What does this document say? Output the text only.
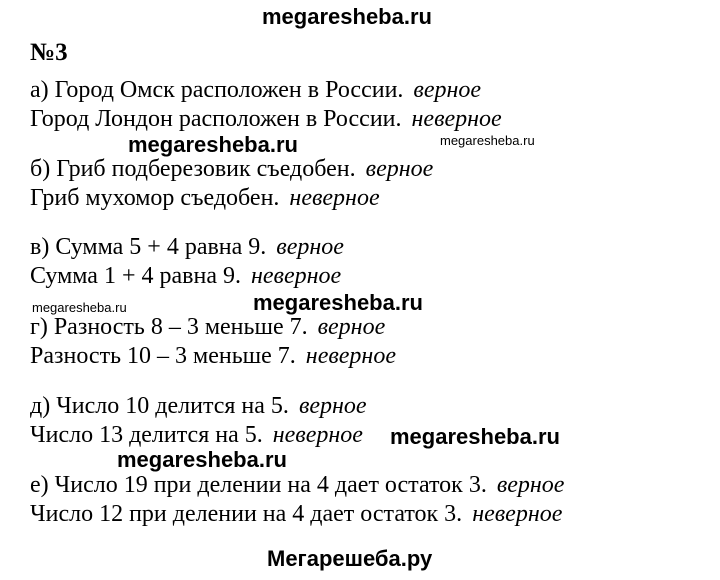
megaresheba.ru
№3
а) Город Омск расположен в России. верное
Город Лондон расположен в России. неверное
megaresheba.ru
megaresheba.ru
б) Гриб подберезовик съедобен. верное
Гриб мухомор съедобен. неверное
в) Сумма 5 + 4 равна 9. верное
Сумма 1 + 4 равна 9. неверное
megaresheba.ru	megaresheba.ru
г) Разность 8 – 3 меньше 7. верное
Разность 10 – 3 меньше 7. неверное
д) Число 10 делится на 5. верное
Число 13 делится на 5. неверное megaresheba.ru
megaresheba.ru
е) Число 19 при делении на 4 дает остаток 3. верное
Число 12 при делении на 4 дает остаток 3. неверное
Мегарешеба.ру
